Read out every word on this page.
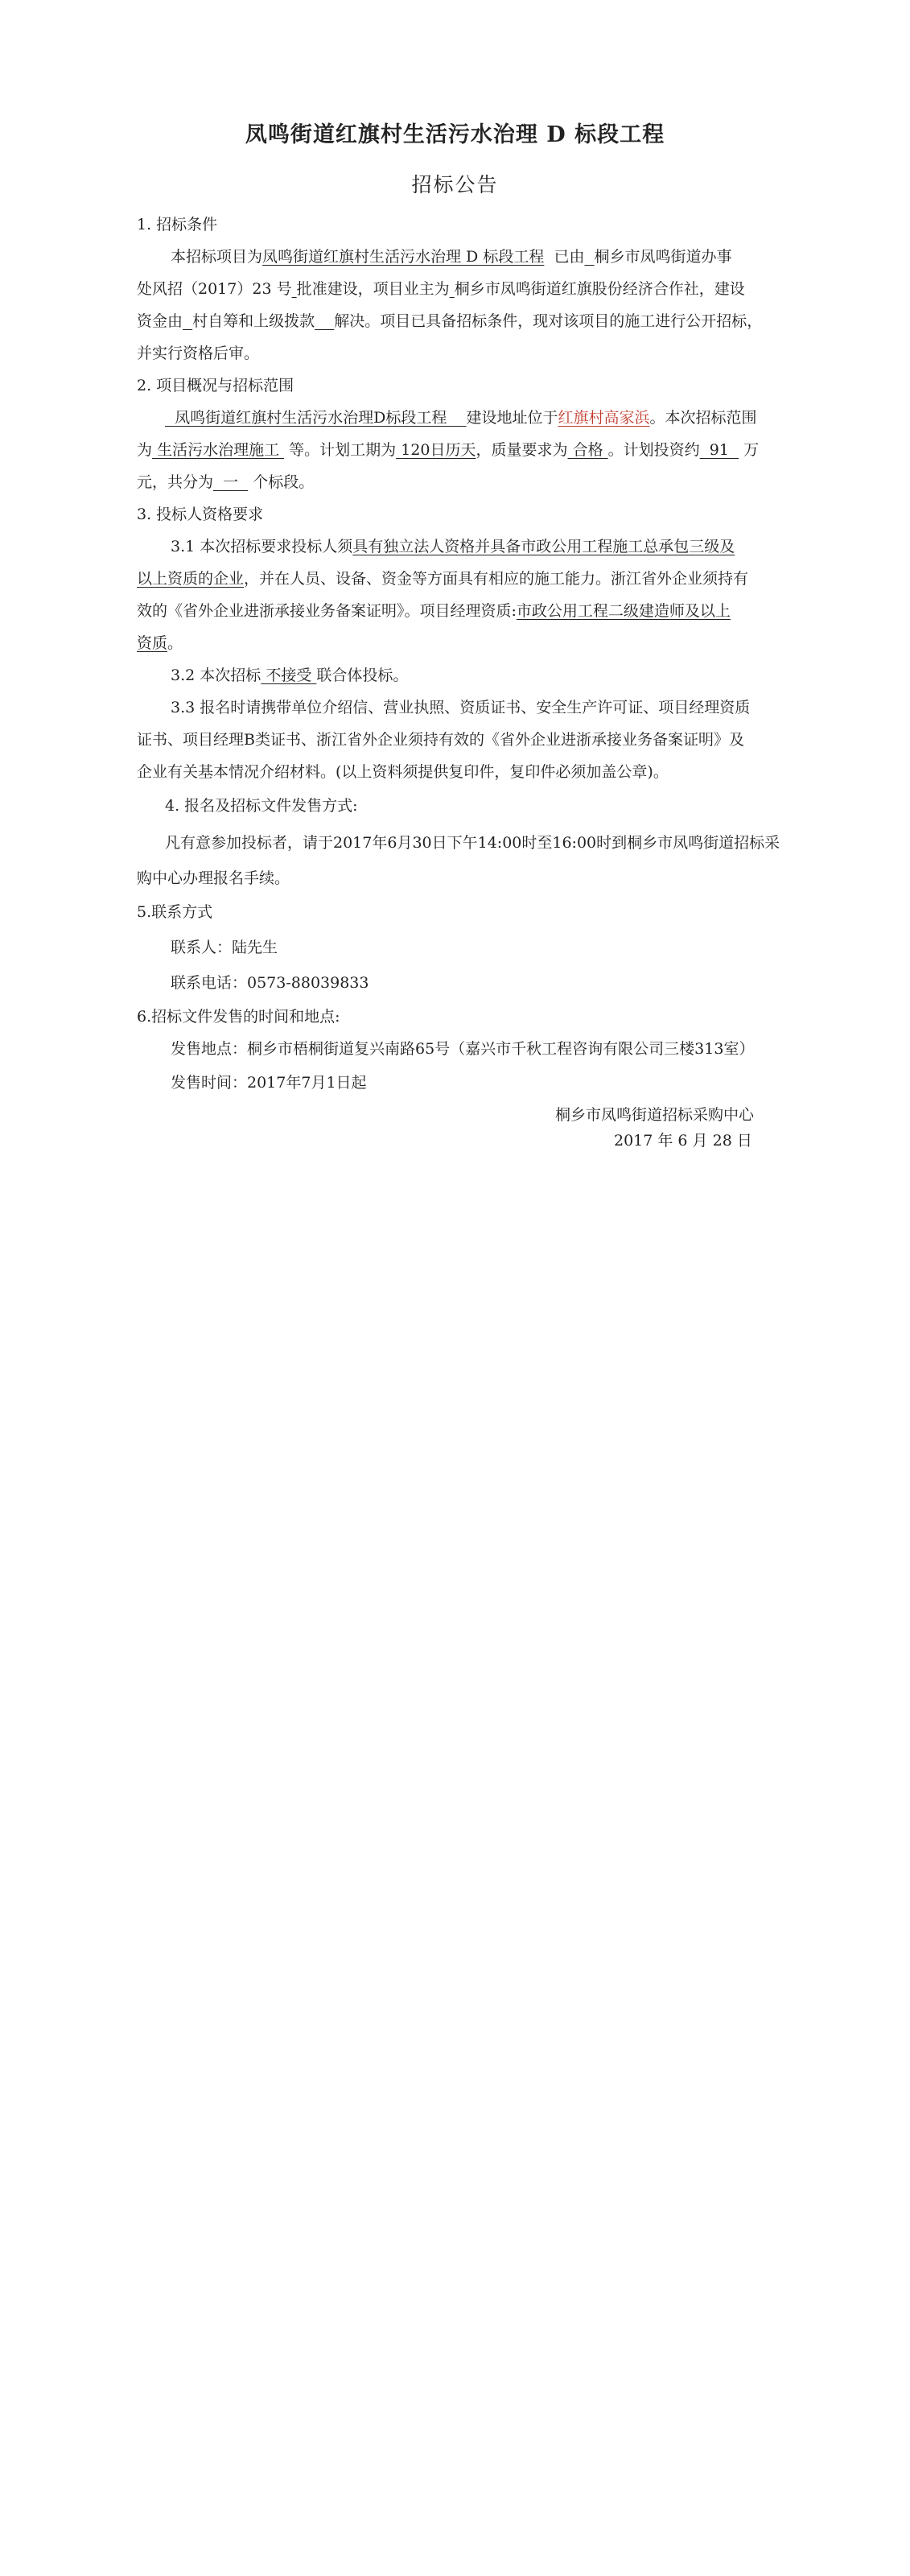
凤鸣街道红旗村生活污水治理 D 标段工程
招标公告
1. 招标条件
本招标项目为凤鸣街道红旗村生活污水治理 D 标段工程 已由 桐乡市凤鸣街道办事
处风招（2017）23 号 批准建设，项目业主为 桐乡市凤鸣街道红旗股份经济合作社，建设
资金由 村自筹和上级拨款 解决。项目已具备招标条件，现对该项目的施工进行公开招标，
并实行资格后审。
2. 项目概况与招标范围
凤鸣街道红旗村生活污水治理D标段工程 建设地址位于红旗村高家浜。本次招标范围
为 生活污水治理施工 等。计划工期为 120日历天，质量要求为 合格 。计划投资约 91 万
元，共分为 一 个标段。
3. 投标人资格要求
3.1 本次招标要求投标人须具有独立法人资格并具备市政公用工程施工总承包三级及
以上资质的企业，并在人员、设备、资金等方面具有相应的施工能力。浙江省外企业须持有
效的《省外企业进浙承接业务备案证明》。项目经理资质:市政公用工程二级建造师及以上
资质。
3.2 本次招标 不接受 联合体投标。
3.3 报名时请携带单位介绍信、营业执照、资质证书、安全生产许可证、项目经理资质
证书、项目经理B类证书、浙江省外企业须持有效的《省外企业进浙承接业务备案证明》及
企业有关基本情况介绍材料。(以上资料须提供复印件，复印件必须加盖公章)。
4. 报名及招标文件发售方式:
凡有意参加投标者，请于2017年6月30日下午14:00时至16:00时到桐乡市凤鸣街道招标采
购中心办理报名手续。
5.联系方式
联系人：陆先生
联系电话：0573-88039833
6.招标文件发售的时间和地点:
发售地点：桐乡市梧桐街道复兴南路65号（嘉兴市千秋工程咨询有限公司三楼313室）
发售时间：2017年7月1日起
桐乡市凤鸣街道招标采购中心
2017 年 6 月 28 日
